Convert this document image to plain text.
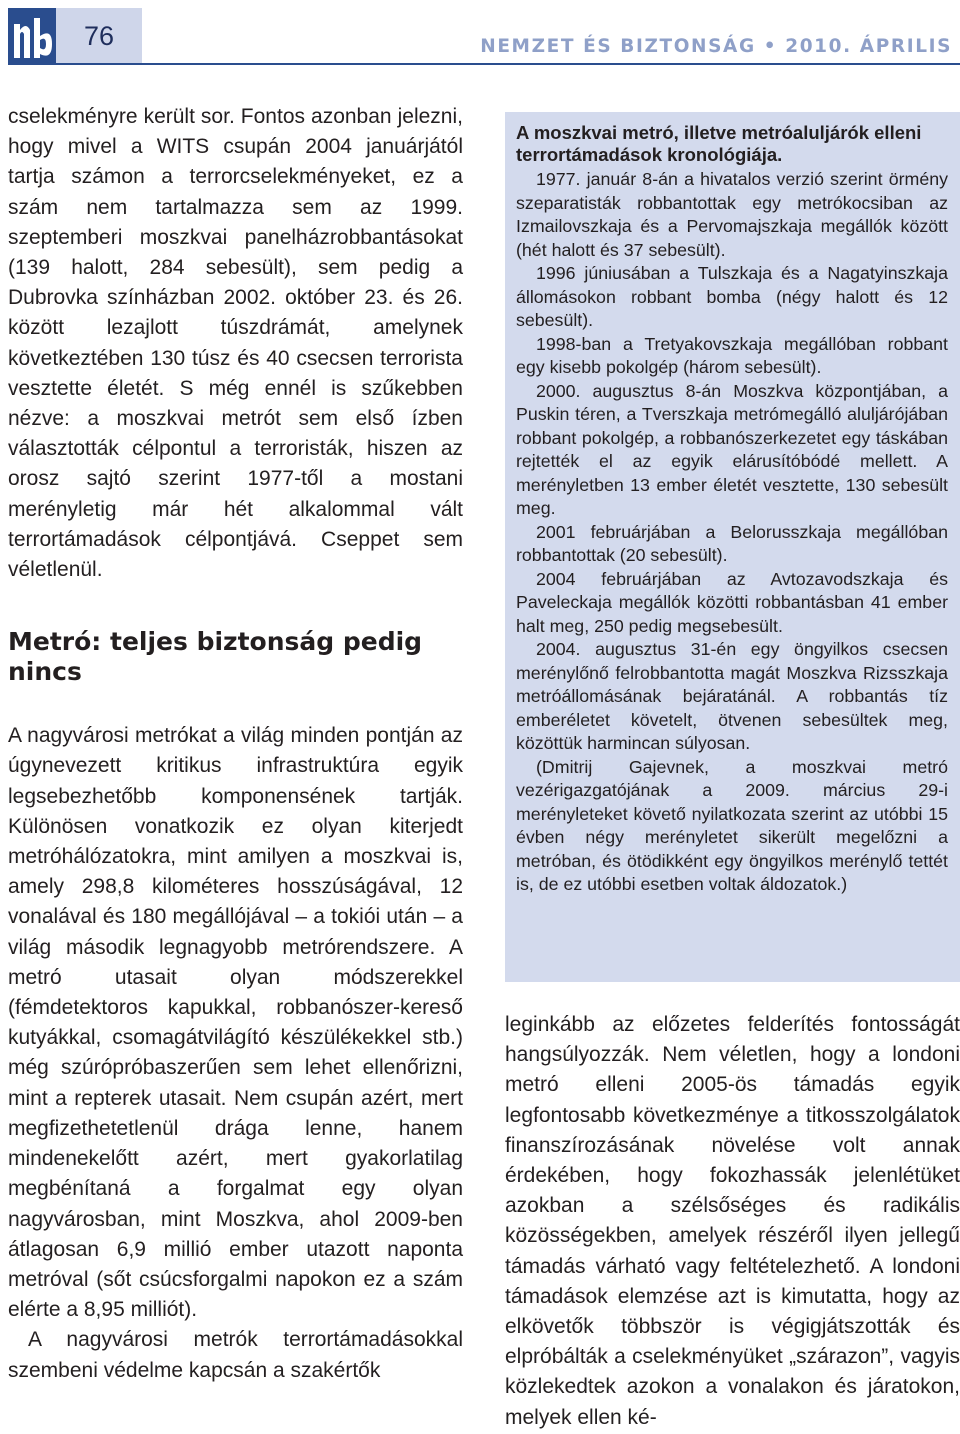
76	NEMZET ÉS BIZTONSÁG • 2010. ÁPRILIS

cselekményre került sor. Fontos azonban jelezni, hogy mivel a WITS csupán 2004 januárjától tartja számon a terrorcselekményeket, ez a szám nem tartalmazza sem az 1999. szeptemberi moszkvai panelházrobbantásokat (139 halott, 284 sebesült), sem pedig a Dubrovka színházban 2002. október 23. és 26. között lezajlott túszdrámát, amelynek következtében 130 túsz és 40 csecsen terrorista vesztette életét. S még ennél is szűkebben nézve: a moszkvai metrót sem első ízben választották célpontul a terroristák, hiszen az orosz sajtó szerint 1977-től a mostani merényletig már hét alkalommal vált terrortámadások célpontjává. Cseppet sem véletlenül.

Metró: teljes biztonság pedig nincs

A nagyvárosi metrókat a világ minden pontján az úgynevezett kritikus infrastruktúra egyik legsebezhetőbb komponensének tartják. Különösen vonatkozik ez olyan kiterjedt metróhálózatokra, mint amilyen a moszkvai is, amely 298,8 kilométeres hosszúságával, 12 vonalával és 180 megállójával – a tokiói után – a világ második legnagyobb metrórendszere. A metró utasait olyan módszerekkel (fémdetektoros kapukkal, robbanószer-kereső kutyákkal, csomagátvilágító készülékekkel stb.) még szúrópróbaszerűen sem lehet ellenőrizni, mint a repterek utasait. Nem csupán azért, mert megfizethetetlenül drága lenne, hanem mindenekelőtt azért, mert gyakorlatilag megbénítaná a forgalmat egy olyan nagyvárosban, mint Moszkva, ahol 2009-ben átlagosan 6,9 millió ember utazott naponta metróval (sőt csúcsforgalmi napokon ez a szám elérte a 8,95 milliót).

A nagyvárosi metrók terrortámadásokkal szembeni védelme kapcsán a szakértők

A moszkvai metró, illetve metróaluljárók elleni terrortámadások kronológiája.

1977. január 8-án a hivatalos verzió szerint örmény szeparatisták robbantottak egy metrókocsiban az Izmailovszkaja és a Pervomajszkaja megállók között (hét halott és 37 sebesült).

1996 júniusában a Tulszkaja és a Nagatyinszkaja állomásokon robbant bomba (négy halott és 12 sebesült).

1998-ban a Tretyakovszkaja megállóban robbant egy kisebb pokolgép (három sebesült).

2000. augusztus 8-án Moszkva központjában, a Puskin téren, a Tverszkaja metrómegálló aluljárójában robbant pokolgép, a robbanószerkezetet egy táskában rejtették el az egyik elárusítóbódé mellett. A merényletben 13 ember életét vesztette, 130 sebesült meg.

2001 februárjában a Belorusszkaja megállóban robbantottak (20 sebesült).

2004 februárjában az Avtozavodszkaja és Paveleckaja megállók közötti robbantásban 41 ember halt meg, 250 pedig megsebesült.

2004. augusztus 31-én egy öngyilkos csecsen merénylőnő felrobbantotta magát Moszkva Rizsszkaja metróállomásának bejáratánál. A robbantás tíz emberéletet követelt, ötvenen sebesültek meg, közöttük harmincan súlyosan.

(Dmitrij Gajevnek, a moszkvai metró vezérigazgatójának a 2009. március 29-i merényleteket követő nyilatkozata szerint az utóbbi 15 évben négy merényletet sikerült megelőzni a metróban, és ötödikként egy öngyilkos merénylő tettét is, de ez utóbbi esetben voltak áldozatok.)

leginkább az előzetes felderítés fontosságát hangsúlyozzák. Nem véletlen, hogy a londoni metró elleni 2005-ös támadás egyik legfontosabb következménye a titkosszolgálatok finanszírozásának növelése volt annak érdekében, hogy fokozhassák jelenlétüket azokban a szélsőséges és radikális közösségekben, amelyek részéről ilyen jellegű támadás várható vagy feltételezhető. A londoni támadások elemzése azt is kimutatta, hogy az elkövetők többször is végigjátszották és elpróbálták a cselekményüket „szárazon”, vagyis közlekedtek azokon a vonalakon és járatokon, melyek ellen ké-
